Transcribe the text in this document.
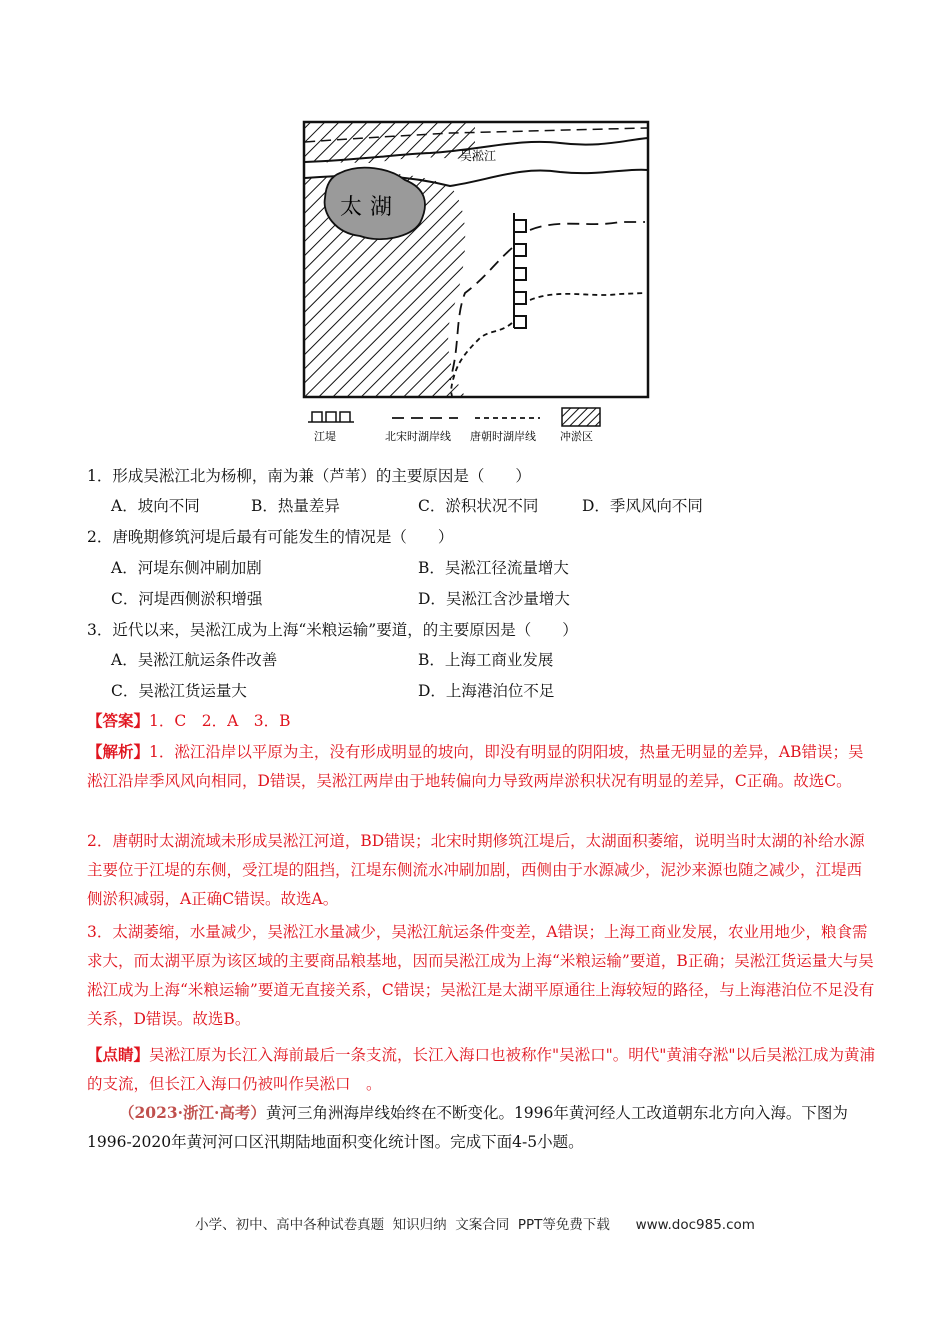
吴淞江
太湖
江堤	北宋时湖岸线 唐朝时湖岸线 冲淤区
1．形成吴淞江北为杨柳，南为兼（芦苇）的主要原因是（　　）
A．坡向不同	B．热量差异	C．淤积状况不同	D．季风风向不同
2．唐晚期修筑河堤后最有可能发生的情况是（　　）
A．河堤东侧冲刷加剧	B．吴淞江径流量增大
C．河堤西侧淤积增强	D．吴淞江含沙量增大
3．近代以来，吴淞江成为上海“米粮运输”要道，的主要原因是（　　）
A．吴淞江航运条件改善	B．上海工商业发展
C．吴淞江货运量大	D．上海港泊位不足
【答案】1．C　2．A　3．B
【解析】1．淞江沿岸以平原为主，没有形成明显的坡向，即没有明显的阴阳坡，热量无明显的差异，AB错误；吴淞江沿岸季风风向相同，D错误，吴淞江两岸由于地转偏向力导致两岸淤积状况有明显的差异，C正确。故选C。
2．唐朝时太湖流域未形成吴淞江河道，BD错误；北宋时期修筑江堤后，太湖面积萎缩，说明当时太湖的补给水源主要位于江堤的东侧，受江堤的阻挡，江堤东侧流水冲刷加剧，西侧由于水源减少，泥沙来源也随之减少，江堤西侧淤积减弱，A正确C错误。故选A。
3．太湖萎缩，水量减少，吴淞江水量减少，吴淞江航运条件变差，A错误；上海工商业发展，农业用地少，粮食需求大，而太湖平原为该区域的主要商品粮基地，因而吴淞江成为上海“米粮运输”要道，B正确；吴淞江货运量大与吴淞江成为上海“米粮运输”要道无直接关系，C错误；吴淞江是太湖平原通往上海较短的路径，与上海港泊位不足没有关系，D错误。故选B。
【点睛】吴淞江原为长江入海前最后一条支流，长江入海口也被称作"吴淞口"。明代"黄浦夺淞"以后吴淞江成为黄浦的支流，但长江入海口仍被叫作吴淞口　。
（2023·浙江·高考）黄河三角洲海岸线始终在不断变化。1996年黄河经人工改道朝东北方向入海。下图为1996-2020年黄河河口区汛期陆地面积变化统计图。完成下面4-5小题。
小学、初中、高中各种试卷真题  知识归纳  文案合同  PPT等免费下载      www.doc985.com
